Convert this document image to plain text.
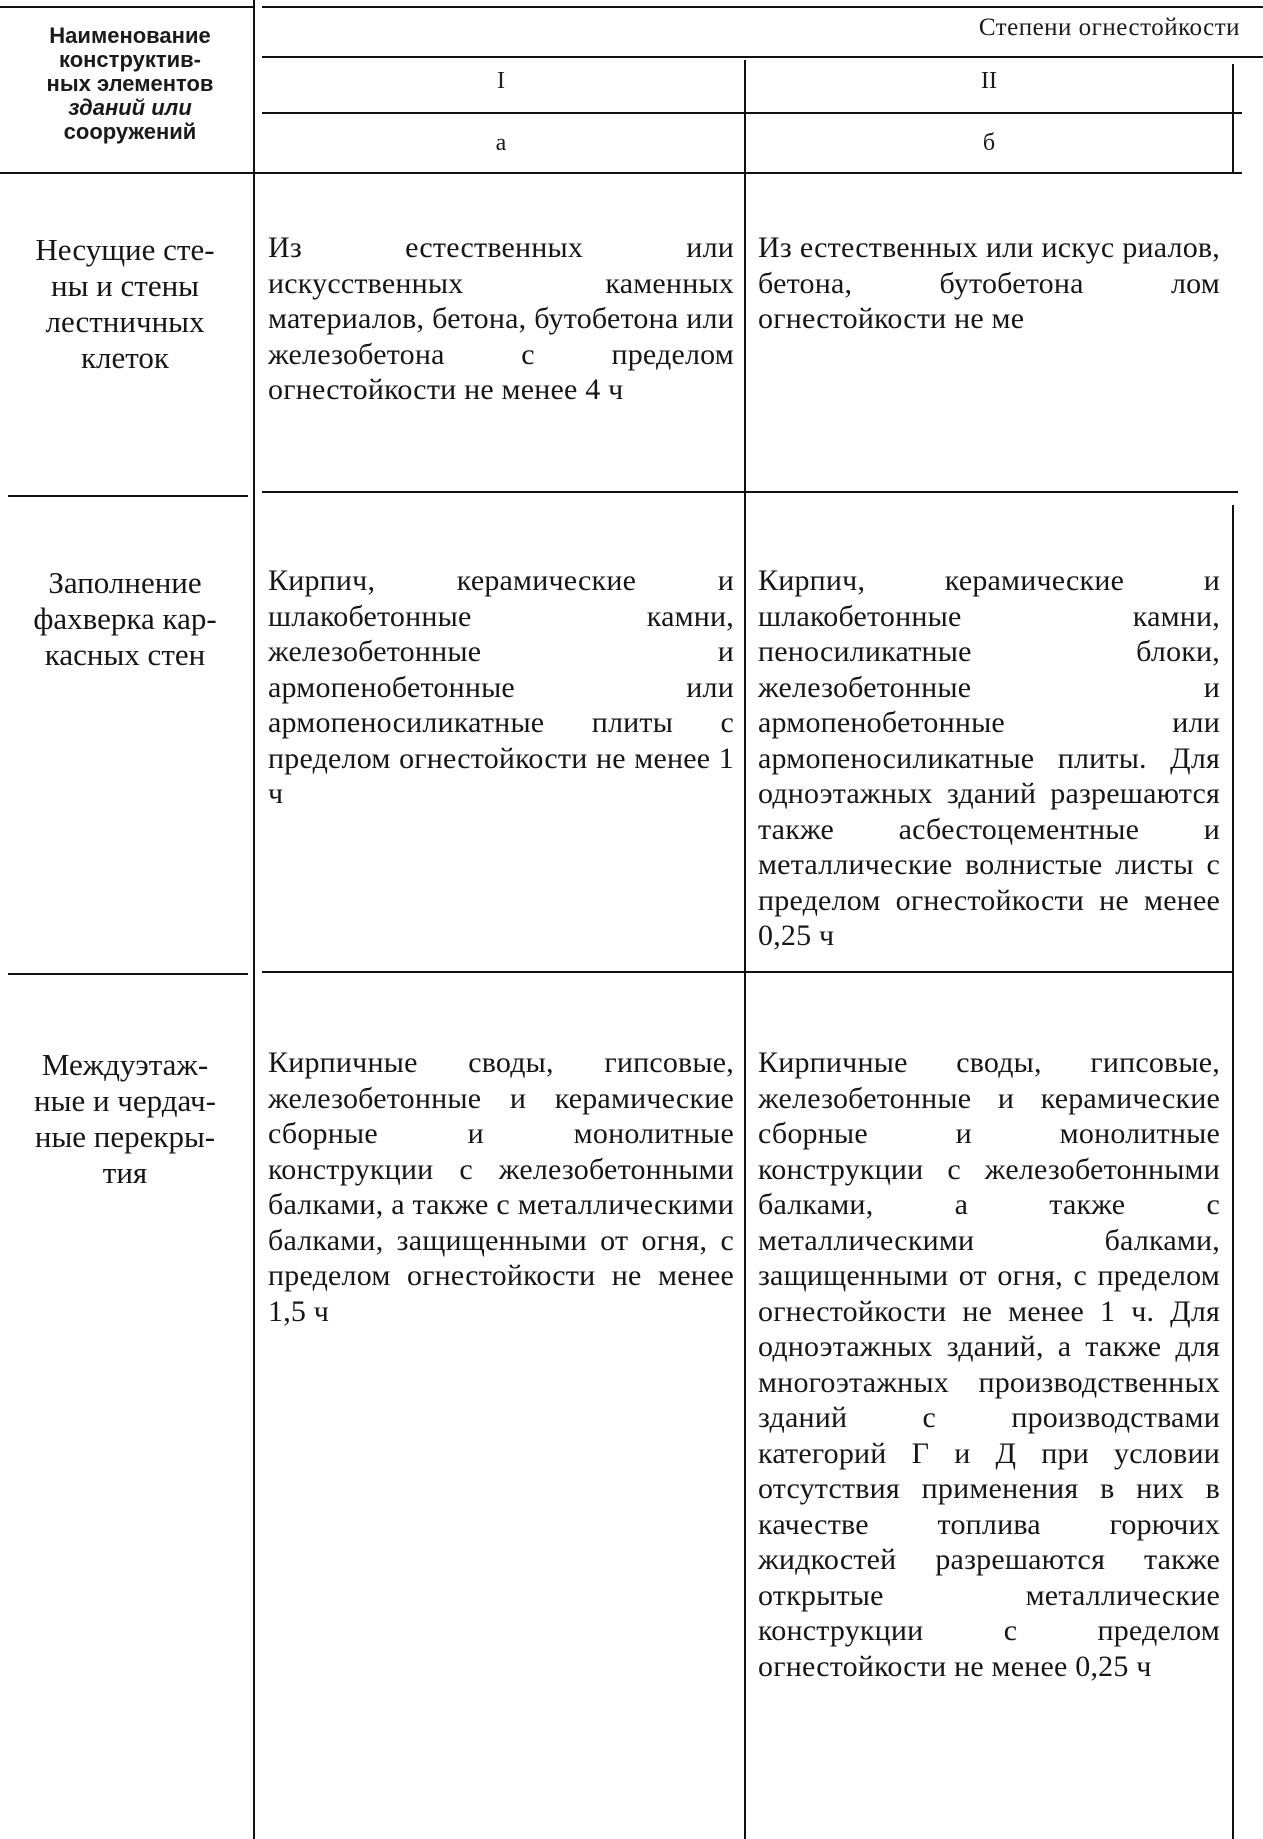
Наименование
конструктив-
ных элементов
зданий или
сооружений
Степени огнестойкости
I	II
а	б
Несущие сте-
ны и стены
лестничных
клеток
Из естественных или искусственных каменных материалов, бетона, бутобетона или железобетона с пределом огнестойкости не менее 4 ч
Из естественных или искус риалов, бетона, бутобетона лом огнестойкости не ме
Заполнение
фахверка кар-
касных стен
Кирпич, керамические и шлакобетонные камни, железобетонные и армопенобетонные или армопеносиликатные плиты с пределом огнестойкости не менее 1 ч
Кирпич, керамические и шлакобетонные камни, пеносиликатные блоки, железобетонные и армопенобетонные или армопеносиликатные плиты. Для одноэтажных зданий разрешаются также асбестоцементные и металлические волнистые листы с пределом огнестойкости не менее 0,25 ч
Междуэтаж-
ные и чердач-
ные перекры-
тия
Кирпичные своды, гипсовые, железобетонные и керамические сборные и монолитные конструкции с железобетонными балками, а также с металлическими балками, защищенными от огня, с пределом огнестойкости не менее 1,5 ч
Кирпичные своды, гипсовые, железобетонные и керамические сборные и монолитные конструкции с железобетонными балками, а также с металлическими балками, защищенными от огня, с пределом огнестойкости не менее 1 ч. Для одноэтажных зданий, а также для многоэтажных производственных зданий с производствами категорий Г и Д при условии отсутствия применения в них в качестве топлива горючих жидкостей разрешаются также открытые металлические конструкции с пределом огнестойкости не менее 0,25 ч
